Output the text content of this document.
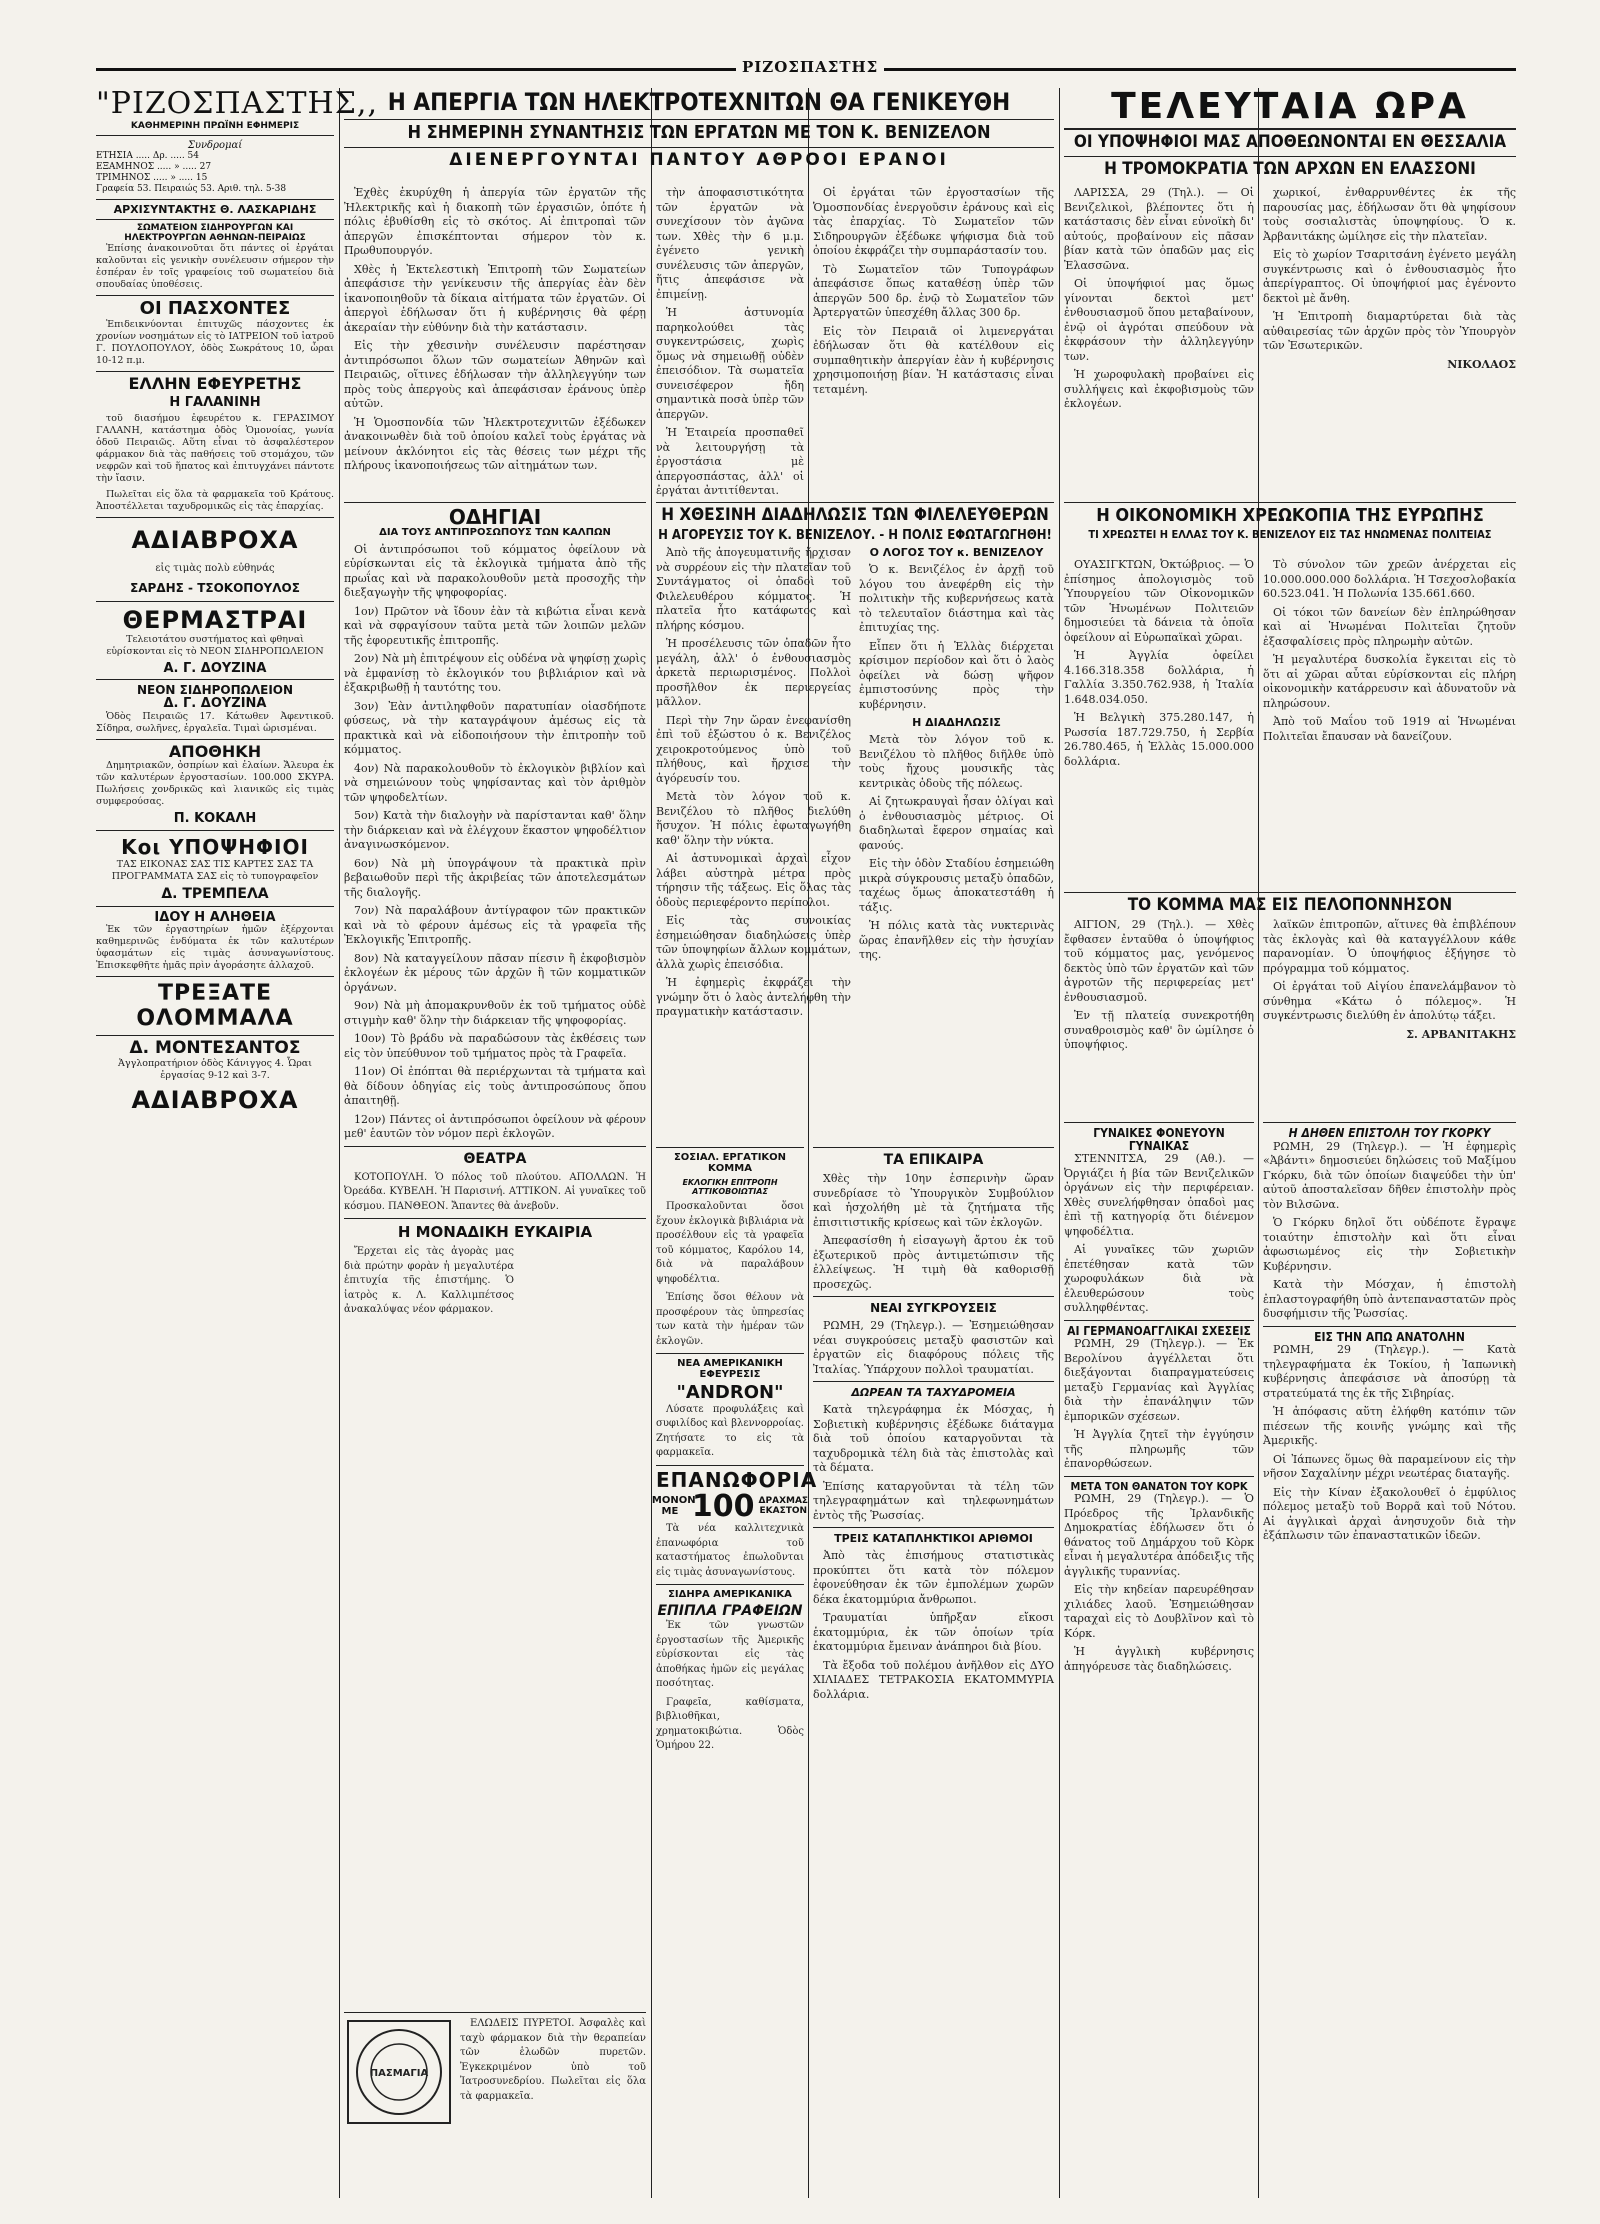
ΡΙΖΟΣΠΑΣΤΗΣ
"ΡΙΖΟΣΠΑΣΤΗΣ,,
ΚΑΘΗΜΕΡΙΝΗ ΠΡΩΪΝΗ ΕΦΗΜΕΡΙΣ
Συνδρομαί
ΕΤΗΣΙΑ ..... Δρ. ..... 54
ΕΞΑΜΗΝΟΣ ..... » ..... 27
ΤΡΙΜΗΝΟΣ ..... » ..... 15
Γραφεία 53. Πειραιώς 53. Αριθ. τηλ. 5-38
ΑΡΧΙΣΥΝΤΑΚΤΗΣ Θ. ΛΑΣΚΑΡΙΔΗΣ
ΣΩΜΑΤΕΙΟΝ ΣΙΔΗΡΟΥΡΓΩΝ ΚΑΙ ΗΛΕΚΤΡΟΥΡΓΩΝ ΑΘΗΝΩΝ-ΠΕΙΡΑΙΩΣ

Ἐπίσης ἀνακοινοῦται ὅτι πάντες οἱ ἐργάται καλοῦνται εἰς γενικὴν συνέλευσιν σήμερον τὴν ἑσπέραν ἐν τοῖς γραφείοις τοῦ σωματείου διὰ σπουδαίας ὑποθέσεις.

ΟΙ ΠΑΣΧΟΝΤΕΣ

Ἐπιδεικνύονται ἐπιτυχῶς πάσχοντες ἐκ χρονίων νοσημάτων εἰς τὸ ΙΑΤΡΕΙΟΝ τοῦ ἰατροῦ Γ. ΠΟΥΛΟΠΟΥΛΟΥ, ὁδὸς Σωκράτους 10, ὧραι 10-12 π.μ.

ΕΛΛΗΝ ΕΦΕΥΡΕΤΗΣ
Η ΓΑΛΑΝΙΝΗ

τοῦ διασήμου ἐφευρέτου κ. ΓΕΡΑΣΙΜΟΥ ΓΑΛΑΝΗ, κατάστημα ὁδὸς Ὁμονοίας, γωνία ὁδοῦ Πειραιῶς. Αὕτη εἶναι τὸ ἀσφαλέστερον φάρμακον διὰ τὰς παθήσεις τοῦ στομάχου, τῶν νεφρῶν καὶ τοῦ ἥπατος καὶ ἐπιτυγχάνει πάντοτε τὴν ἴασιν.

Πωλεῖται εἰς ὅλα τὰ φαρμακεῖα τοῦ Κράτους. Ἀποστέλλεται ταχυδρομικῶς εἰς τὰς ἐπαρχίας.

ΑΔΙΑΒΡΟΧΑ

εἰς τιμὰς πολὺ εὐθηνάς

ΣΑΡΔΗΣ - ΤΣΟΚΟΠΟΥΛΟΣ
ΘΕΡΜΑΣΤΡΑΙ

Τελειοτάτου συστήματος καὶ φθηναὶ εὑρίσκονται εἰς τὸ ΝΕΟΝ ΣΙΔΗΡΟΠΩΛΕΙΟΝ

Α. Γ. ΔΟΥΖΙΝΑ
ΝΕΟΝ ΣΙΔΗΡΟΠΩΛΕΙΟΝ
Δ. Γ. ΔΟΥΖΙΝΑ

Ὁδὸς Πειραιῶς 17. Κάτωθεν Ἀφεντικοῦ. Σίδηρα, σωλῆνες, ἐργαλεῖα. Τιμαὶ ὡρισμέναι.

ΑΠΟΘΗΚΗ

Δημητριακῶν, ὀσπρίων καὶ ἐλαίων. Ἄλευρα ἐκ τῶν καλυτέρων ἐργοστασίων. 100.000 ΣΚΥΡΑ. Πωλήσεις χονδρικῶς καὶ λιανικῶς εἰς τιμὰς συμφερούσας.

Π. ΚΟΚΑΛΗ
Κοι ΥΠΟΨΗΦΙΟΙ

ΤΑΣ ΕΙΚΟΝΑΣ ΣΑΣ ΤΙΣ ΚΑΡΤΕΣ ΣΑΣ ΤΑ ΠΡΟΓΡΑΜΜΑΤΑ ΣΑΣ εἰς τὸ τυπογραφεῖον

Δ. ΤΡΕΜΠΕΛΑ
ΙΔΟΥ Η ΑΛΗΘΕΙΑ

Ἐκ τῶν ἐργαστηρίων ἡμῶν ἐξέρχονται καθημερινῶς ἐνδύματα ἐκ τῶν καλυτέρων ὑφασμάτων εἰς τιμὰς ἀσυναγωνίστους. Ἐπισκεφθῆτε ἡμᾶς πρὶν ἀγοράσητε ἀλλαχοῦ.

ΤΡΕΞΑΤΕ
ΟΛΟΜΜΑΛΑ
Δ. ΜΟΝΤΕΣΑΝΤΟΣ

Ἀγγλοπρατήριον ὁδὸς Κάνιγγος 4. Ὧραι ἐργασίας 9-12 καὶ 3-7.

ΑΔΙΑΒΡΟΧΑ
Η ΑΠΕΡΓΙΑ ΤΩΝ ΗΛΕΚΤΡΟΤΕΧΝΙΤΩΝ ΘΑ ΓΕΝΙΚΕΥΘΗ
Η ΣΗΜΕΡΙΝΗ ΣΥΝΑΝΤΗΣΙΣ ΤΩΝ ΕΡΓΑΤΩΝ ΜΕ ΤΟΝ Κ. ΒΕΝΙΖΕΛΟΝ
ΔΙΕΝΕΡΓΟΥΝΤΑΙ ΠΑΝΤΟΥ ΑΘΡΟΟΙ ΕΡΑΝΟΙ

Ἐχθὲς ἐκυρύχθη ἡ ἀπεργία τῶν ἐργατῶν τῆς Ἠλεκτρικῆς καὶ ἡ διακοπὴ τῶν ἐργασιῶν, ὁπότε ἡ πόλις ἐβυθίσθη εἰς τὸ σκότος. Αἱ ἐπιτροπαὶ τῶν ἀπεργῶν ἐπισκέπτονται σήμερον τὸν κ. Πρωθυπουργόν.

Χθὲς ἡ Ἐκτελεστικὴ Ἐπιτροπὴ τῶν Σωματείων ἀπεφάσισε τὴν γενίκευσιν τῆς ἀπεργίας ἐὰν δὲν ἱκανοποιηθοῦν τὰ δίκαια αἰτήματα τῶν ἐργατῶν. Οἱ ἀπεργοὶ ἐδήλωσαν ὅτι ἡ κυβέρνησις θὰ φέρῃ ἀκεραίαν τὴν εὐθύνην διὰ τὴν κατάστασιν.

Εἰς τὴν χθεσινὴν συνέλευσιν παρέστησαν ἀντιπρόσωποι ὅλων τῶν σωματείων Ἀθηνῶν καὶ Πειραιῶς, οἵτινες ἐδήλωσαν τὴν ἀλληλεγγύην των πρὸς τοὺς ἀπεργοὺς καὶ ἀπεφάσισαν ἐράνους ὑπὲρ αὐτῶν.

Ἡ Ὁμοσπονδία τῶν Ἠλεκτροτεχνιτῶν ἐξέδωκεν ἀνακοινωθὲν διὰ τοῦ ὁποίου καλεῖ τοὺς ἐργάτας νὰ μείνουν ἀκλόνητοι εἰς τὰς θέσεις των μέχρι τῆς πλήρους ἱκανοποιήσεως τῶν αἰτημάτων των.

τὴν ἀποφασιστικότητα τῶν ἐργατῶν νὰ συνεχίσουν τὸν ἀγῶνα των. Χθὲς τὴν 6 μ.μ. ἐγένετο γενικὴ συνέλευσις τῶν ἀπεργῶν, ἥτις ἀπεφάσισε νὰ ἐπιμείνῃ.

Ἡ ἀστυνομία παρηκολούθει τὰς συγκεντρώσεις, χωρὶς ὅμως νὰ σημειωθῇ οὐδὲν ἐπεισόδιον. Τὰ σωματεῖα συνεισέφερον ἤδη σημαντικὰ ποσὰ ὑπὲρ τῶν ἀπεργῶν.

Ἡ Ἑταιρεία προσπαθεῖ νὰ λειτουργήσῃ τὰ ἐργοστάσια μὲ ἀπεργοσπάστας, ἀλλ' οἱ ἐργάται ἀντιτίθενται.

Οἱ ἐργάται τῶν ἐργοστασίων τῆς Ὁμοσπονδίας ἐνεργοῦσιν ἐράνους καὶ εἰς τὰς ἐπαρχίας. Τὸ Σωματεῖον τῶν Σιδηρουργῶν ἐξέδωκε ψήφισμα διὰ τοῦ ὁποίου ἐκφράζει τὴν συμπαράστασίν του.

Τὸ Σωματεῖον τῶν Τυπογράφων ἀπεφάσισε ὅπως καταθέσῃ ὑπὲρ τῶν ἀπεργῶν 500 δρ. ἐνῷ τὸ Σωματεῖον τῶν Ἀρτεργατῶν ὑπεσχέθη ἄλλας 300 δρ.

Εἰς τὸν Πειραιᾶ οἱ λιμενεργάται ἐδήλωσαν ὅτι θὰ κατέλθουν εἰς συμπαθητικὴν ἀπεργίαν ἐὰν ἡ κυβέρνησις χρησιμοποιήσῃ βίαν. Ἡ κατάστασις εἶναι τεταμένη.

ΟΔΗΓΙΑΙ
ΔΙΑ ΤΟΥΣ ΑΝΤΙΠΡΟΣΩΠΟΥΣ ΤΩΝ ΚΑΛΠΩΝ

Οἱ ἀντιπρόσωποι τοῦ κόμματος ὀφείλουν νὰ εὑρίσκωνται εἰς τὰ ἐκλογικὰ τμήματα ἀπὸ τῆς πρωΐας καὶ νὰ παρακολουθοῦν μετὰ προσοχῆς τὴν διεξαγωγὴν τῆς ψηφοφορίας.

1ον) Πρῶτον νὰ ἴδουν ἐὰν τὰ κιβώτια εἶναι κενὰ καὶ νὰ σφραγίσουν ταῦτα μετὰ τῶν λοιπῶν μελῶν τῆς ἐφορευτικῆς ἐπιτροπῆς.

2ον) Νὰ μὴ ἐπιτρέψουν εἰς οὐδένα νὰ ψηφίσῃ χωρὶς νὰ ἐμφανίσῃ τὸ ἐκλογικόν του βιβλιάριον καὶ νὰ ἐξακριβωθῇ ἡ ταυτότης του.

3ον) Ἐὰν ἀντιληφθοῦν παρατυπίαν οἱασδήποτε φύσεως, νὰ τὴν καταγράψουν ἀμέσως εἰς τὰ πρακτικὰ καὶ νὰ εἰδοποιήσουν τὴν ἐπιτροπὴν τοῦ κόμματος.

4ον) Νὰ παρακολουθοῦν τὸ ἐκλογικὸν βιβλίον καὶ νὰ σημειώνουν τοὺς ψηφίσαντας καὶ τὸν ἀριθμὸν τῶν ψηφοδελτίων.

5ον) Κατὰ τὴν διαλογὴν νὰ παρίστανται καθ' ὅλην τὴν διάρκειαν καὶ νὰ ἐλέγχουν ἕκαστον ψηφοδέλτιον ἀναγινωσκόμενον.

6ον) Νὰ μὴ ὑπογράψουν τὰ πρακτικὰ πρὶν βεβαιωθοῦν περὶ τῆς ἀκριβείας τῶν ἀποτελεσμάτων τῆς διαλογῆς.

7ον) Νὰ παραλάβουν ἀντίγραφον τῶν πρακτικῶν καὶ νὰ τὸ φέρουν ἀμέσως εἰς τὰ γραφεῖα τῆς Ἐκλογικῆς Ἐπιτροπῆς.

8ον) Νὰ καταγγείλουν πᾶσαν πίεσιν ἢ ἐκφοβισμὸν ἐκλογέων ἐκ μέρους τῶν ἀρχῶν ἢ τῶν κομματικῶν ὀργάνων.

9ον) Νὰ μὴ ἀπομακρυνθοῦν ἐκ τοῦ τμήματος οὐδὲ στιγμὴν καθ' ὅλην τὴν διάρκειαν τῆς ψηφοφορίας.

10ον) Τὸ βράδυ νὰ παραδώσουν τὰς ἐκθέσεις των εἰς τὸν ὑπεύθυνον τοῦ τμήματος πρὸς τὰ Γραφεῖα.

11ον) Οἱ ἐπόπται θὰ περιέρχωνται τὰ τμήματα καὶ θὰ δίδουν ὁδηγίας εἰς τοὺς ἀντιπροσώπους ὅπου ἀπαιτηθῇ.

12ον) Πάντες οἱ ἀντιπρόσωποι ὀφείλουν νὰ φέρουν μεθ' ἑαυτῶν τὸν νόμον περὶ ἐκλογῶν.

ΘΕΑΤΡΑ

ΚΟΤΟΠΟΥΛΗ. Ὁ πόλος τοῦ πλούτου. ΑΠΟΛΛΩΝ. Ἡ Ὀρεάδα. ΚΥΒΕΛΗ. Ἡ Παρισινή. ΑΤΤΙΚΟΝ. Αἱ γυναῖκες τοῦ κόσμου. ΠΑΝΘΕΟΝ. Ἄπαντες θὰ ἀνεβοῦν.

Η ΜΟΝΑΔΙΚΗ ΕΥΚΑΙΡΙΑ

Ἔρχεται εἰς τὰς ἀγορὰς μας διὰ πρώτην φορὰν ἡ μεγαλυτέρα ἐπιτυχία τῆς ἐπιστήμης. Ὁ ἰατρὸς κ. Λ. Καλλιμπέτσος ἀνακαλύψας νέον φάρμακον.

Η ΧΘΕΣΙΝΗ ΔΙΑΔΗΛΩΣΙΣ ΤΩΝ ΦΙΛΕΛΕΥΘΕΡΩΝ
Η ΑΓΟΡΕΥΣΙΣ ΤΟΥ Κ. ΒΕΝΙΖΕΛΟΥ. - Η ΠΟΛΙΣ ΕΦΩΤΑΓΩΓΗΘΗ!

Ἀπὸ τῆς ἀπογευματινῆς ἤρχισαν νὰ συρρέουν εἰς τὴν πλατεῖαν τοῦ Συντάγματος οἱ ὀπαδοὶ τοῦ Φιλελευθέρου κόμματος. Ἡ πλατεῖα ἦτο κατάφωτος καὶ πλήρης κόσμου.

Ἡ προσέλευσις τῶν ὀπαδῶν ἦτο μεγάλη, ἀλλ' ὁ ἐνθουσιασμὸς ἀρκετὰ περιωρισμένος. Πολλοὶ προσῆλθον ἐκ περιεργείας μᾶλλον.

Περὶ τὴν 7ην ὥραν ἐνεφανίσθη ἐπὶ τοῦ ἐξώστου ὁ κ. Βενιζέλος χειροκροτούμενος ὑπὸ τοῦ πλήθους, καὶ ἤρχισε τὴν ἀγόρευσίν του.

Μετὰ τὸν λόγον τοῦ κ. Βενιζέλου τὸ πλῆθος διελύθη ἥσυχον. Ἡ πόλις ἐφωταγωγήθη καθ' ὅλην τὴν νύκτα.

Αἱ ἀστυνομικαὶ ἀρχαὶ εἶχον λάβει αὐστηρὰ μέτρα πρὸς τήρησιν τῆς τάξεως. Εἰς ὅλας τὰς ὁδοὺς περιεφέροντο περίπολοι.

Εἰς τὰς συνοικίας ἐσημειώθησαν διαδηλώσεις ὑπὲρ τῶν ὑποψηφίων ἄλλων κομμάτων, ἀλλὰ χωρὶς ἐπεισόδια.

Ἡ ἐφημερὶς ἐκφράζει τὴν γνώμην ὅτι ὁ λαὸς ἀντελήφθη τὴν πραγματικὴν κατάστασιν.

Ο ΛΟΓΟΣ ΤΟΥ κ. ΒΕΝΙΖΕΛΟΥ

Ὁ κ. Βενιζέλος ἐν ἀρχῇ τοῦ λόγου του ἀνεφέρθη εἰς τὴν πολιτικὴν τῆς κυβερνήσεως κατὰ τὸ τελευταῖον διάστημα καὶ τὰς ἐπιτυχίας της.

Εἶπεν ὅτι ἡ Ἑλλὰς διέρχεται κρίσιμον περίοδον καὶ ὅτι ὁ λαὸς ὀφείλει νὰ δώσῃ ψῆφον ἐμπιστοσύνης πρὸς τὴν κυβέρνησιν.

Η ΔΙΑΔΗΛΩΣΙΣ

Μετὰ τὸν λόγον τοῦ κ. Βενιζέλου τὸ πλῆθος διῆλθε ὑπὸ τοὺς ἤχους μουσικῆς τὰς κεντρικὰς ὁδοὺς τῆς πόλεως.

Αἱ ζητωκραυγαὶ ἦσαν ὀλίγαι καὶ ὁ ἐνθουσιασμὸς μέτριος. Οἱ διαδηλωταὶ ἔφερον σημαίας καὶ φανούς.

Εἰς τὴν ὁδὸν Σταδίου ἐσημειώθη μικρὰ σύγκρουσις μεταξὺ ὀπαδῶν, ταχέως ὅμως ἀποκατεστάθη ἡ τάξις.

Ἡ πόλις κατὰ τὰς νυκτερινὰς ὥρας ἐπανῆλθεν εἰς τὴν ἡσυχίαν της.

ΣΟΣΙΑΛ. ΕΡΓΑΤΙΚΟΝ ΚΟΜΜΑ
ΕΚΛΟΓΙΚΗ ΕΠΙΤΡΟΠΗ ΑΤΤΙΚΟΒΟΙΩΤΙΑΣ

Προσκαλοῦνται ὅσοι ἔχουν ἐκλογικὰ βιβλιάρια νὰ προσέλθουν εἰς τὰ γραφεῖα τοῦ κόμματος, Καρόλου 14, διὰ νὰ παραλάβουν ψηφοδέλτια.

Ἐπίσης ὅσοι θέλουν νὰ προσφέρουν τὰς ὑπηρεσίας των κατὰ τὴν ἡμέραν τῶν ἐκλογῶν.

ΝΕΑ ΑΜΕΡΙΚΑΝΙΚΗ ΕΦΕΥΡΕΣΙΣ
"ANDRON"

Λύσατε προφυλάξεις καὶ συφιλίδος καὶ βλεννορροίας. Ζητήσατε το εἰς τὰ φαρμακεῖα.

ΕΠΑΝΩΦΟΡΙΑ
ΜΟΝΟΝ ΜΕ 100 ΔΡΑΧΜΑΣ ΕΚΑΣΤΟΝ

Τὰ νέα καλλιτεχνικὰ ἐπανωφόρια τοῦ καταστήματος ἐπωλοῦνται εἰς τιμὰς ἀσυναγωνίστους.

ΣΙΔΗΡΑ ΑΜΕΡΙΚΑΝΙΚΑ
ΕΠΙΠΛΑ ΓΡΑΦΕΙΩΝ

Ἐκ τῶν γνωστῶν ἐργοστασίων τῆς Ἀμερικῆς εὑρίσκονται εἰς τὰς ἀποθήκας ἡμῶν εἰς μεγάλας ποσότητας.

Γραφεῖα, καθίσματα, βιβλιοθῆκαι, χρηματοκιβώτια. Ὁδὸς Ὁμήρου 22.

ΠΑΣΜΑΓΙΑ

ΕΛΩΔΕΙΣ ΠΥΡΕΤΟΙ. Ἀσφαλὲς καὶ ταχὺ φάρμακον διὰ τὴν θεραπείαν τῶν ἑλωδῶν πυρετῶν. Ἐγκεκριμένον ὑπὸ τοῦ Ἰατροσυνεδρίου. Πωλεῖται εἰς ὅλα τὰ φαρμακεῖα.

ΤΑ ΕΠΙΚΑΙΡΑ

Χθὲς τὴν 10ην ἑσπερινὴν ὥραν συνεδρίασε τὸ Ὑπουργικὸν Συμβούλιον καὶ ἠσχολήθη μὲ τὰ ζητήματα τῆς ἐπισιτιστικῆς κρίσεως καὶ τῶν ἐκλογῶν.

Ἀπεφασίσθη ἡ εἰσαγωγὴ ἄρτου ἐκ τοῦ ἐξωτερικοῦ πρὸς ἀντιμετώπισιν τῆς ἐλλείψεως. Ἡ τιμὴ θὰ καθορισθῇ προσεχῶς.

ΝΕΑΙ ΣΥΓΚΡΟΥΣΕΙΣ

ΡΩΜΗ, 29 (Τηλεγρ.). — Ἐσημειώθησαν νέαι συγκρούσεις μεταξὺ φασιστῶν καὶ ἐργατῶν εἰς διαφόρους πόλεις τῆς Ἰταλίας. Ὑπάρχουν πολλοὶ τραυματίαι.

ΔΩΡΕΑΝ ΤΑ ΤΑΧΥΔΡΟΜΕΙΑ

Κατὰ τηλεγράφημα ἐκ Μόσχας, ἡ Σοβιετικὴ κυβέρνησις ἐξέδωκε διάταγμα διὰ τοῦ ὁποίου καταργοῦνται τὰ ταχυδρομικὰ τέλη διὰ τὰς ἐπιστολὰς καὶ τὰ δέματα.

Ἐπίσης καταργοῦνται τὰ τέλη τῶν τηλεγραφημάτων καὶ τηλεφωνημάτων ἐντὸς τῆς Ῥωσσίας.

ΤΡΕΙΣ ΚΑΤΑΠΛΗΚΤΙΚΟΙ ΑΡΙΘΜΟΙ

Ἀπὸ τὰς ἐπισήμους στατιστικὰς προκύπτει ὅτι κατὰ τὸν πόλεμον ἐφονεύθησαν ἐκ τῶν ἐμπολέμων χωρῶν δέκα ἑκατομμύρια ἄνθρωποι.

Τραυματίαι ὑπῆρξαν εἴκοσι ἑκατομμύρια, ἐκ τῶν ὁποίων τρία ἑκατομμύρια ἔμειναν ἀνάπηροι διὰ βίου.

Τὰ ἔξοδα τοῦ πολέμου ἀνῆλθον εἰς ΔΥΟ ΧΙΛΙΑΔΕΣ ΤΕΤΡΑΚΟΣΙΑ ΕΚΑΤΟΜΜΥΡΙΑ δολλάρια.

ΤΕΛΕΥΤΑΙΑ ΩΡΑ
ΟΙ ΥΠΟΨΗΦΙΟΙ ΜΑΣ ΑΠΟΘΕΩΝΟΝΤΑΙ ΕΝ ΘΕΣΣΑΛΙΑ
Η ΤΡΟΜΟΚΡΑΤΙΑ ΤΩΝ ΑΡΧΩΝ ΕΝ ΕΛΑΣΣΟΝΙ

ΛΑΡΙΣΣΑ, 29 (Τηλ.). — Οἱ Βενιζελικοὶ, βλέποντες ὅτι ἡ κατάστασις δὲν εἶναι εὐνοϊκὴ δι' αὐτούς, προβαίνουν εἰς πᾶσαν βίαν κατὰ τῶν ὀπαδῶν μας εἰς Ἐλασσῶνα.

Οἱ ὑποψήφιοί μας ὅμως γίνονται δεκτοὶ μετ' ἐνθουσιασμοῦ ὅπου μεταβαίνουν, ἐνῷ οἱ ἀγρόται σπεύδουν νὰ ἐκφράσουν τὴν ἀλληλεγγύην των.

Ἡ χωροφυλακὴ προβαίνει εἰς συλλήψεις καὶ ἐκφοβισμοὺς τῶν ἐκλογέων.

χωρικοί, ἐνθαρρυνθέντες ἐκ τῆς παρουσίας μας, ἐδήλωσαν ὅτι θὰ ψηφίσουν τοὺς σοσιαλιστὰς ὑποψηφίους. Ὁ κ. Ἀρβανιτάκης ὡμίλησε εἰς τὴν πλατεῖαν.

Εἰς τὸ χωρίον Τσαριτσάνη ἐγένετο μεγάλη συγκέντρωσις καὶ ὁ ἐνθουσιασμὸς ἦτο ἀπερίγραπτος. Οἱ ὑποψήφιοί μας ἐγένοντο δεκτοὶ μὲ ἄνθη.

Ἡ Ἐπιτροπὴ διαμαρτύρεται διὰ τὰς αὐθαιρεσίας τῶν ἀρχῶν πρὸς τὸν Ὑπουργὸν τῶν Ἐσωτερικῶν.

ΝΙΚΟΛΑΟΣ

Η ΟΙΚΟΝΟΜΙΚΗ ΧΡΕΩΚΟΠΙΑ ΤΗΣ ΕΥΡΩΠΗΣ
ΤΙ ΧΡΕΩΣΤΕΙ Η ΕΛΛΑΣ ΤΟΥ Κ. ΒΕΝΙΖΕΛΟΥ ΕΙΣ ΤΑΣ ΗΝΩΜΕΝΑΣ ΠΟΛΙΤΕΙΑΣ

ΟΥΑΣΙΓΚΤΩΝ, Ὀκτώβριος. — Ὁ ἐπίσημος ἀπολογισμὸς τοῦ Ὑπουργείου τῶν Οἰκονομικῶν τῶν Ἡνωμένων Πολιτειῶν δημοσιεύει τὰ δάνεια τὰ ὁποῖα ὀφείλουν αἱ Εὐρωπαϊκαὶ χῶραι.

Ἡ Ἀγγλία ὀφείλει 4.166.318.358 δολλάρια, ἡ Γαλλία 3.350.762.938, ἡ Ἰταλία 1.648.034.050.

Ἡ Βελγικὴ 375.280.147, ἡ Ρωσσία 187.729.750, ἡ Σερβία 26.780.465, ἡ Ἑλλὰς 15.000.000 δολλάρια.

Τὸ σύνολον τῶν χρεῶν ἀνέρχεται εἰς 10.000.000.000 δολλάρια. Ἡ Τσεχοσλοβακία 60.523.041. Ἡ Πολωνία 135.661.660.

Οἱ τόκοι τῶν δανείων δὲν ἐπληρώθησαν καὶ αἱ Ἡνωμέναι Πολιτεῖαι ζητοῦν ἐξασφαλίσεις πρὸς πληρωμὴν αὐτῶν.

Ἡ μεγαλυτέρα δυσκολία ἔγκειται εἰς τὸ ὅτι αἱ χῶραι αὗται εὑρίσκονται εἰς πλήρη οἰκονομικὴν κατάρρευσιν καὶ ἀδυνατοῦν νὰ πληρώσουν.

Ἀπὸ τοῦ Μαΐου τοῦ 1919 αἱ Ἡνωμέναι Πολιτεῖαι ἔπαυσαν νὰ δανείζουν.

ΤΟ ΚΟΜΜΑ ΜΑΣ ΕΙΣ ΠΕΛΟΠΟΝΝΗΣΟΝ

ΑΙΓΙΟΝ, 29 (Τηλ.). — Χθὲς ἔφθασεν ἐνταῦθα ὁ ὑποψήφιος τοῦ κόμματος μας, γενόμενος δεκτὸς ὑπὸ τῶν ἐργατῶν καὶ τῶν ἀγροτῶν τῆς περιφερείας μετ' ἐνθουσιασμοῦ.

Ἐν τῇ πλατείᾳ συνεκροτήθη συναθροισμὸς καθ' ὃν ὡμίλησε ὁ ὑποψήφιος.

λαϊκῶν ἐπιτροπῶν, αἵτινες θὰ ἐπιβλέπουν τὰς ἐκλογὰς καὶ θὰ καταγγέλλουν κάθε παρανομίαν. Ὁ ὑποψήφιος ἐξήγησε τὸ πρόγραμμα τοῦ κόμματος.

Οἱ ἐργάται τοῦ Αἰγίου ἐπανελάμβανον τὸ σύνθημα «Κάτω ὁ πόλεμος». Ἡ συγκέντρωσις διελύθη ἐν ἀπολύτῳ τάξει.

Σ. ΑΡΒΑΝΙΤΑΚΗΣ

ΓΥΝΑΙΚΕΣ ΦΟΝΕΥΟΥΝ ΓΥΝΑΙΚΑΣ

ΣΤΕΝΝΙΤΣΑ, 29 (Αθ.). — Ὀργιάζει ἡ βία τῶν Βενιζελικῶν ὀργάνων εἰς τὴν περιφέρειαν. Χθὲς συνελήφθησαν ὀπαδοὶ μας ἐπὶ τῇ κατηγορίᾳ ὅτι διένεμον ψηφοδέλτια.

Αἱ γυναῖκες τῶν χωριῶν ἐπετέθησαν κατὰ τῶν χωροφυλάκων διὰ νὰ ἐλευθερώσουν τοὺς συλληφθέντας.

ΑΙ ΓΕΡΜΑΝΟΑΓΓΛΙΚΑΙ ΣΧΕΣΕΙΣ

ΡΩΜΗ, 29 (Τηλεγρ.). — Ἐκ Βερολίνου ἀγγέλλεται ὅτι διεξάγονται διαπραγματεύσεις μεταξὺ Γερμανίας καὶ Ἀγγλίας διὰ τὴν ἐπανάληψιν τῶν ἐμπορικῶν σχέσεων.

Ἡ Ἀγγλία ζητεῖ τὴν ἐγγύησιν τῆς πληρωμῆς τῶν ἐπανορθώσεων.

ΜΕΤΑ ΤΟΝ ΘΑΝΑΤΟΝ ΤΟΥ ΚΟΡΚ

ΡΩΜΗ, 29 (Τηλεγρ.). — Ὁ Πρόεδρος τῆς Ἰρλανδικῆς Δημοκρατίας ἐδήλωσεν ὅτι ὁ θάνατος τοῦ Δημάρχου τοῦ Κὸρκ εἶναι ἡ μεγαλυτέρα ἀπόδειξις τῆς ἀγγλικῆς τυραννίας.

Εἰς τὴν κηδείαν παρευρέθησαν χιλιάδες λαοῦ. Ἐσημειώθησαν ταραχαὶ εἰς τὸ Δουβλῖνον καὶ τὸ Κόρκ.

Ἡ ἀγγλικὴ κυβέρνησις ἀπηγόρευσε τὰς διαδηλώσεις.

Η ΔΗΘΕΝ ΕΠΙΣΤΟΛΗ ΤΟΥ ΓΚΟΡΚΥ

ΡΩΜΗ, 29 (Τηλεγρ.). — Ἡ ἐφημερὶς «Ἀβάντι» δημοσιεύει δηλώσεις τοῦ Μαξίμου Γκόρκυ, διὰ τῶν ὁποίων διαψεύδει τὴν ὑπ' αὐτοῦ ἀποσταλεῖσαν δῆθεν ἐπιστολὴν πρὸς τὸν Βιλσῶνα.

Ὁ Γκόρκυ δηλοῖ ὅτι οὐδέποτε ἔγραψε τοιαύτην ἐπιστολὴν καὶ ὅτι εἶναι ἀφωσιωμένος εἰς τὴν Σοβιετικὴν Κυβέρνησιν.

Κατὰ τὴν Μόσχαν, ἡ ἐπιστολὴ ἐπλαστογραφήθη ὑπὸ ἀντεπαναστατῶν πρὸς δυσφήμισιν τῆς Ῥωσσίας.

ΕΙΣ ΤΗΝ ΑΠΩ ΑΝΑΤΟΛΗΝ

ΡΩΜΗ, 29 (Τηλεγρ.). — Κατὰ τηλεγραφήματα ἐκ Τοκίου, ἡ Ἰαπωνικὴ κυβέρνησις ἀπεφάσισε νὰ ἀποσύρῃ τὰ στρατεύματά της ἐκ τῆς Σιβηρίας.

Ἡ ἀπόφασις αὕτη ἐλήφθη κατόπιν τῶν πιέσεων τῆς κοινῆς γνώμης καὶ τῆς Ἀμερικῆς.

Οἱ Ἰάπωνες ὅμως θὰ παραμείνουν εἰς τὴν νῆσον Σαχαλίνην μέχρι νεωτέρας διαταγῆς.

Εἰς τὴν Κίναν ἐξακολουθεῖ ὁ ἐμφύλιος πόλεμος μεταξὺ τοῦ Βορρᾶ καὶ τοῦ Νότου. Αἱ ἀγγλικαὶ ἀρχαὶ ἀνησυχοῦν διὰ τὴν ἐξάπλωσιν τῶν ἐπαναστατικῶν ἰδεῶν.
